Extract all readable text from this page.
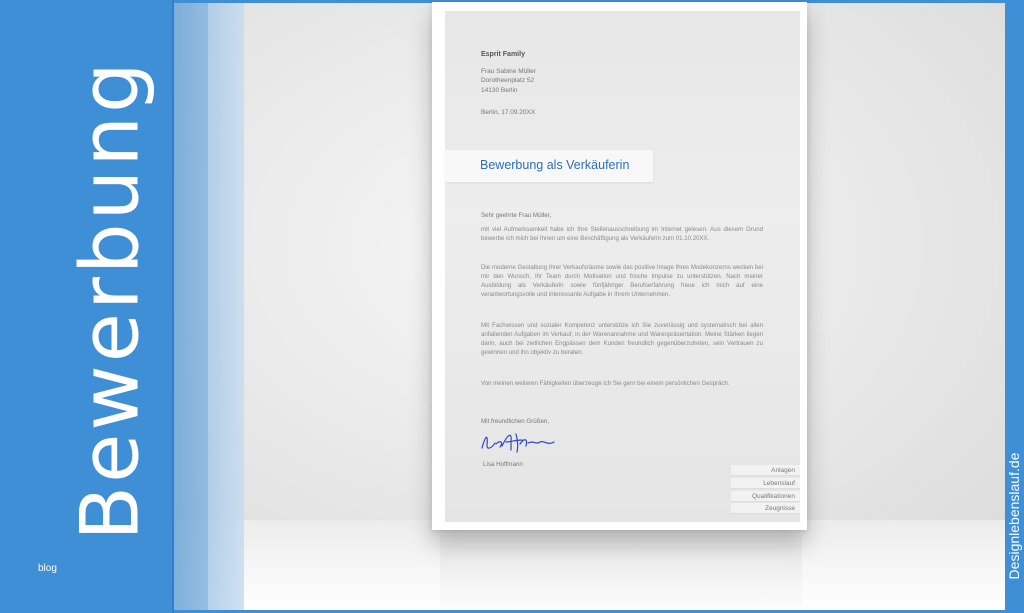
Bewerbung
blog	Designlebenslauf.de
Esprit Family
Frau Sabine Müller
Dorotheenplatz 52
14130 Berlin
Berlin, 17.09.20XX
Bewerbung als Verkäuferin
Sehr geehrte Frau Müller,
mit viel Aufmerksamkeit habe ich Ihre Stellenausschreibung im Internet gelesen. Aus diesem Grund bewerbe ich mich bei Ihnen um eine Beschäftigung als Verkäuferin zum 01.10.20XX.
Die moderne Gestaltung Ihrer Verkaufsräume sowie das positive Image Ihres Modekonzerns wecken bei mir den Wunsch, Ihr Team durch Motivation und frische Impulse zu unterstützen. Nach meiner Ausbildung als Verkäuferin sowie fünfjähriger Berufserfahrung freue ich mich auf eine verantwortungsvolle und interessante Aufgabe in Ihrem Unternehmen.
Mit Fachwissen und sozialer Kompetenz unterstütze ich Sie zuverlässig und systematisch bei allen anfallenden Aufgaben im Verkauf, in der Warenannahme und Warenpräsentation. Meine Stärken liegen darin, auch bei zeitlichen Engpässen dem Kunden freundlich gegenüberzutreten, sein Vertrauen zu gewinnen und ihn objektiv zu beraten.
Von meinen weiteren Fähigkeiten überzeuge ich Sie gern bei einem persönlichen Gespräch.
Mit freundlichen Grüßen,
Lisa Hoffmann
Anlagen
Lebenslauf
Qualifikationen
Zeugnisse
